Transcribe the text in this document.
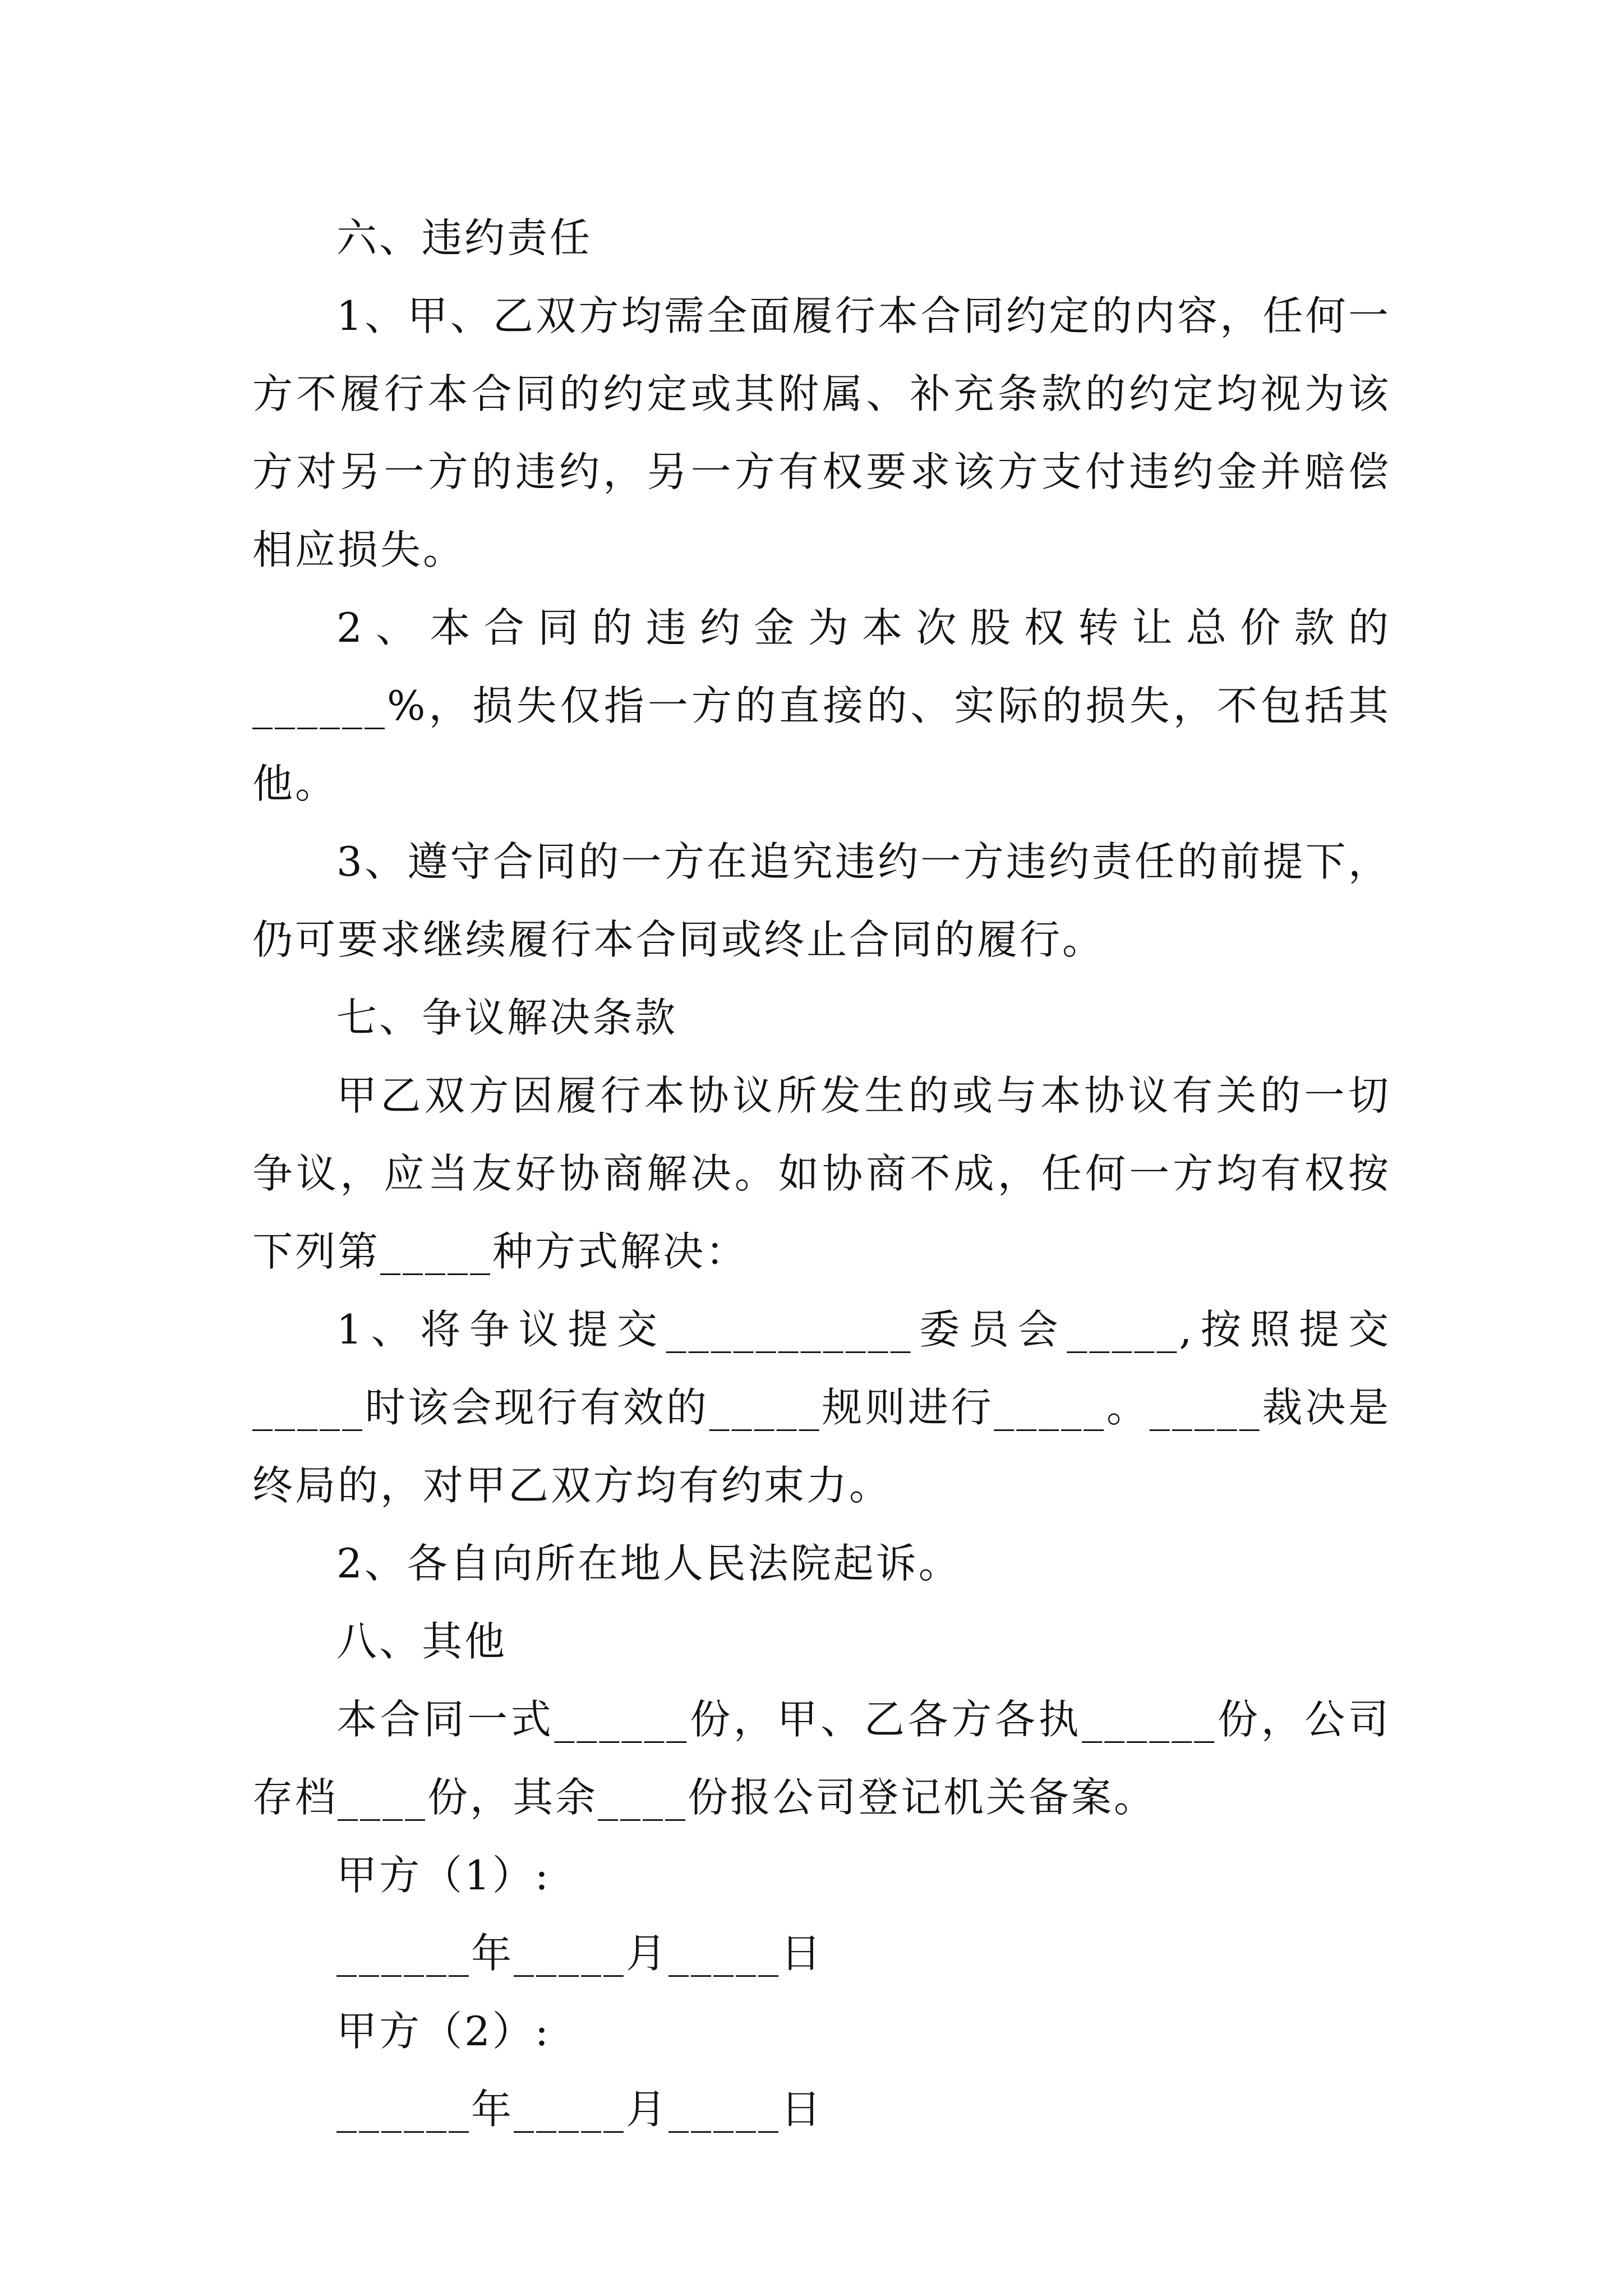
六、违约责任

1、甲、乙双方均需全面履行本合同约定的内容，任何一方不履行本合同的约定或其附属、补充条款的约定均视为该方对另一方的违约，另一方有权要求该方支付违约金并赔偿相应损失。

2、本合同的违约金为本次股权转让总价款的______%，损失仅指一方的直接的、实际的损失，不包括其他。

3、遵守合同的一方在追究违约一方违约责任的前提下，仍可要求继续履行本合同或终止合同的履行。

七、争议解决条款

甲乙双方因履行本协议所发生的或与本协议有关的一切争议，应当友好协商解决。如协商不成，任何一方均有权按下列第_____种方式解决：

1、将争议提交___________委员会_____,按照提交_____时该会现行有效的_____规则进行_____。_____裁决是终局的，对甲乙双方均有约束力。

2、各自向所在地人民法院起诉。

八、其他

本合同一式______份，甲、乙各方各执______份，公司存档____份，其余____份报公司登记机关备案。

甲方（1）:

______年_____月_____日

甲方（2）:

______年_____月_____日
